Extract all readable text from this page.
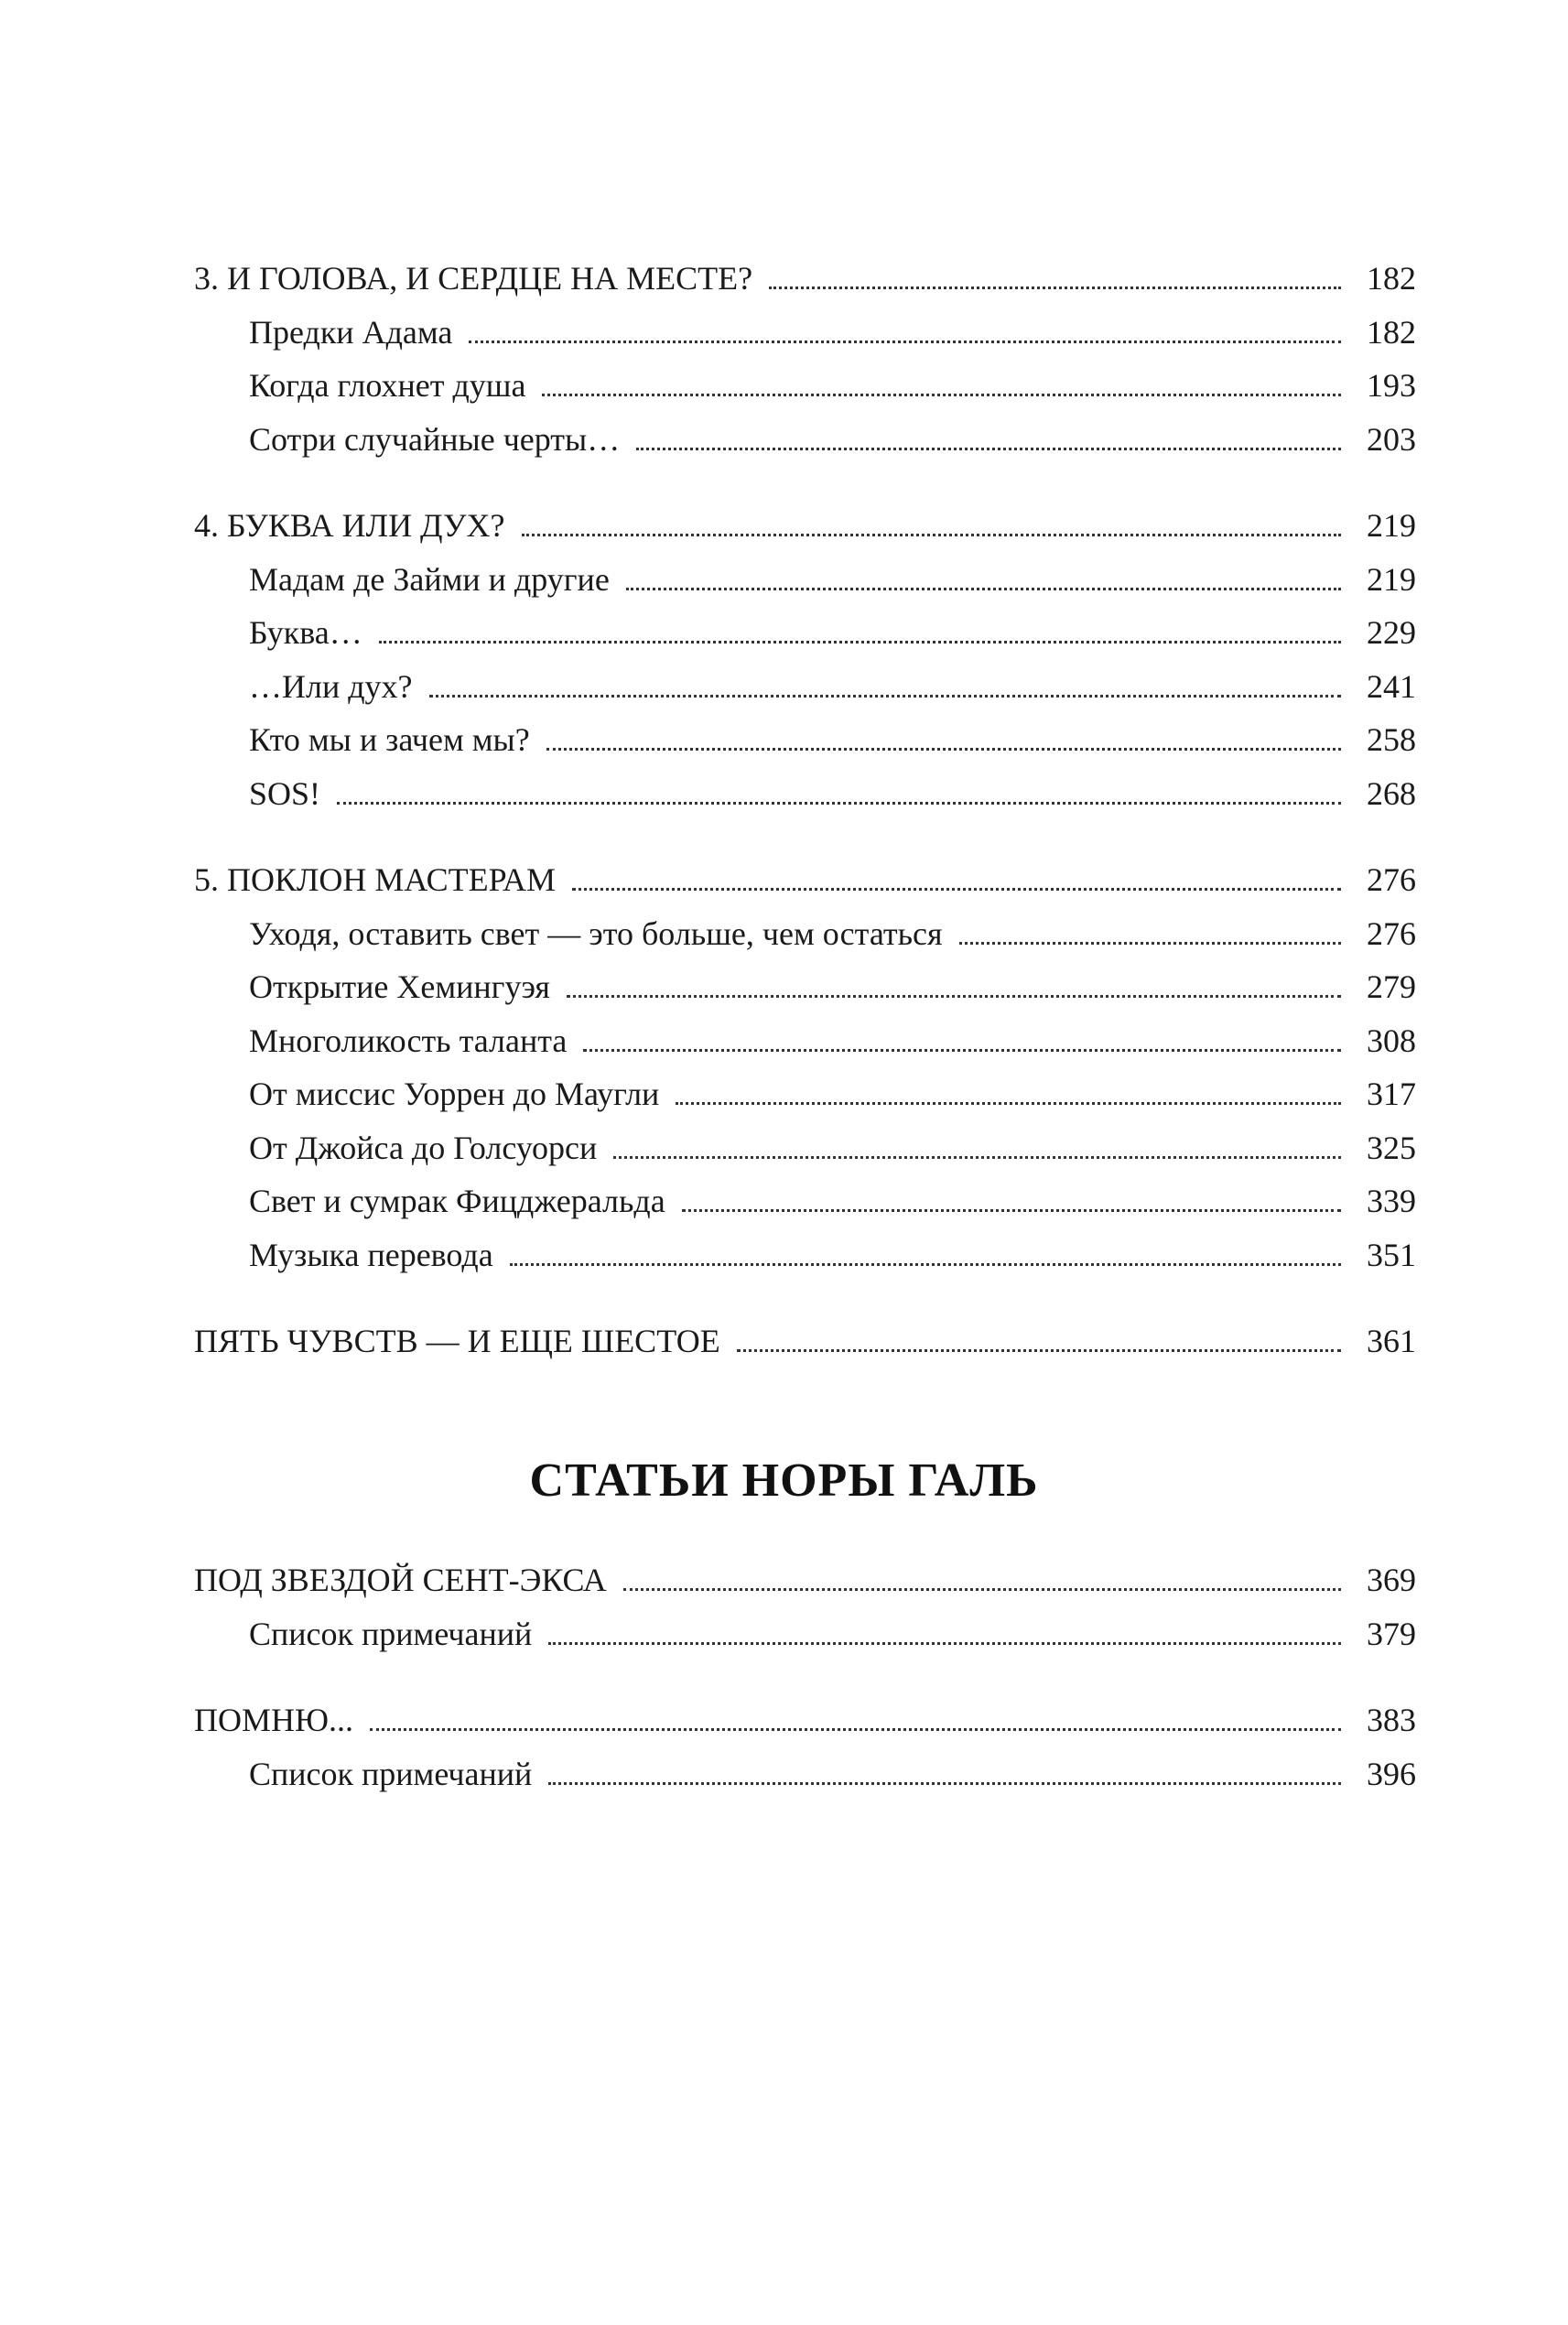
3. И ГОЛОВА, И СЕРДЦЕ НА МЕСТЕ?	182
Предки Адама	182
Когда глохнет душа	193
Сотри случайные черты…	203
4. БУКВА ИЛИ ДУХ?	219
Мадам де Займи и другие	219
Буква…	229
…Или дух?	241
Кто мы и зачем мы?	258
SOS!	268
5. ПОКЛОН МАСТЕРАМ	276
Уходя, оставить свет — это больше, чем остаться	276
Открытие Хемингуэя	279
Многоликость таланта	308
От миссис Уоррен до Маугли	317
От Джойса до Голсуорси	325
Свет и сумрак Фицджеральда	339
Музыка перевода	351
ПЯТЬ ЧУВСТВ — И ЕЩЕ ШЕСТОЕ	361
СТАТЬИ НОРЫ ГАЛЬ
ПОД ЗВЕЗДОЙ СЕНТ-ЭКСА	369
Список примечаний	379
ПОМНЮ...	383
Список примечаний	396
